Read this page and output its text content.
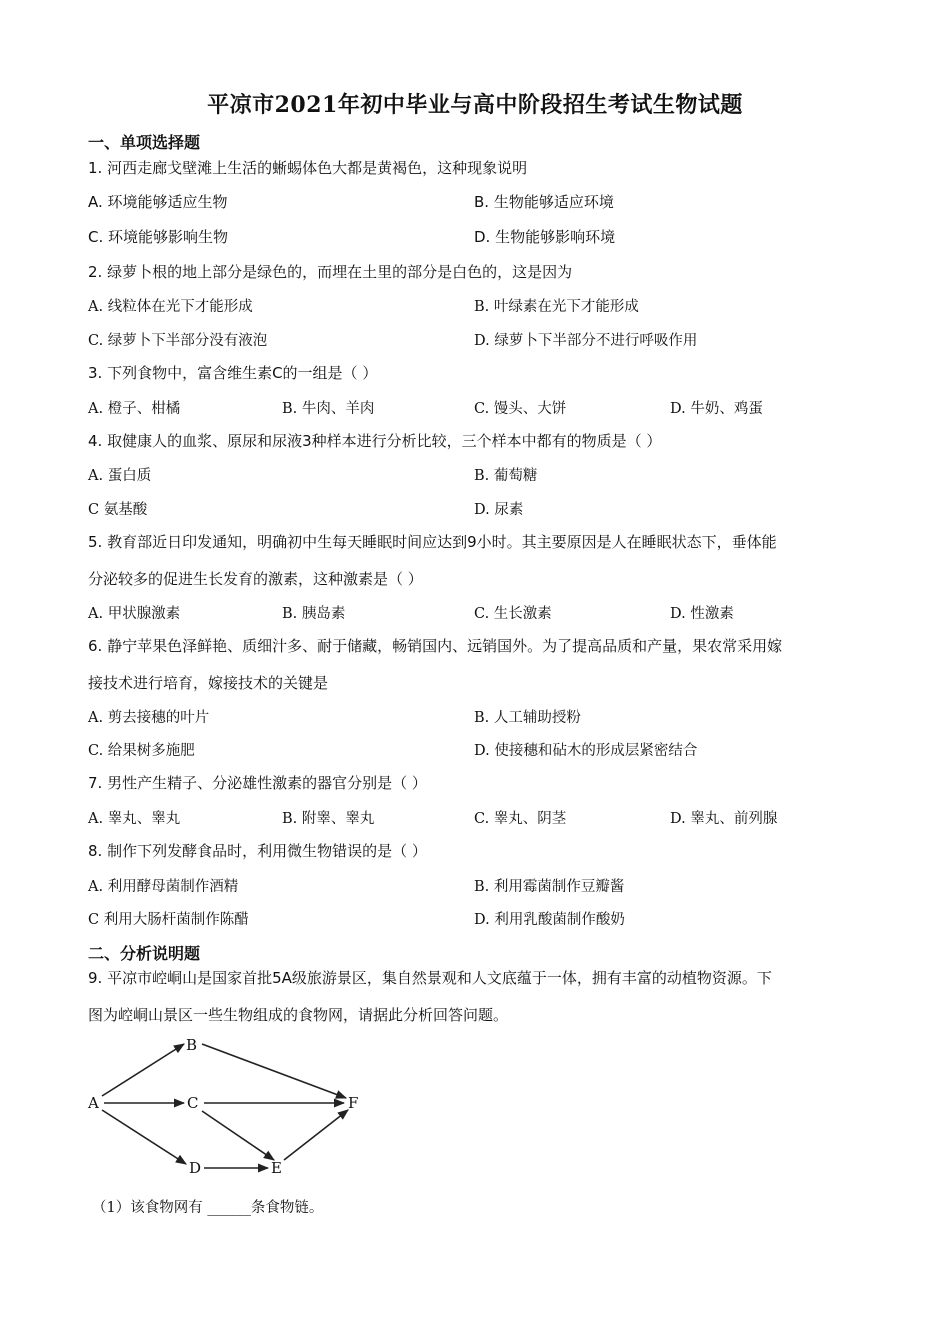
平凉市2021年初中毕业与高中阶段招生考试生物试题
一、单项选择题
1. 河西走廊戈壁滩上生活的蜥蜴体色大都是黄褐色，这种现象说明
A. 环境能够适应生物	B. 生物能够适应环境
C. 环境能够影响生物	D. 生物能够影响环境
2. 绿萝卜根的地上部分是绿色的，而埋在土里的部分是白色的，这是因为
A. 线粒体在光下才能形成	B. 叶绿素在光下才能形成
C. 绿萝卜下半部分没有液泡	D. 绿萝卜下半部分不进行呼吸作用
3. 下列食物中，富含维生素C的一组是（ ）
A. 橙子、柑橘	B. 牛肉、羊肉	C. 馒头、大饼	D. 牛奶、鸡蛋
4. 取健康人的血浆、原尿和尿液3种样本进行分析比较，三个样本中都有的物质是（ ）
A. 蛋白质	B. 葡萄糖
C 氨基酸	D. 尿素
5. 教育部近日印发通知，明确初中生每天睡眠时间应达到9小时。其主要原因是人在睡眠状态下，垂体能
分泌较多的促进生长发育的激素，这种激素是（ ）
A. 甲状腺激素	B. 胰岛素	C. 生长激素	D. 性激素
6. 静宁苹果色泽鲜艳、质细汁多、耐于储藏，畅销国内、远销国外。为了提高品质和产量，果农常采用嫁
接技术进行培育，嫁接技术的关键是
A. 剪去接穗的叶片	B. 人工辅助授粉
C. 给果树多施肥	D. 使接穗和砧木的形成层紧密结合
7. 男性产生精子、分泌雄性激素的器官分别是（ ）
A. 睾丸、睾丸	B. 附睾、睾丸	C. 睾丸、阴茎	D. 睾丸、前列腺
8. 制作下列发酵食品时，利用微生物错误的是（ ）
A. 利用酵母菌制作酒精	B. 利用霉菌制作豆瓣酱
C 利用大肠杆菌制作陈醋	D. 利用乳酸菌制作酸奶
二、分析说明题
9. 平凉市崆峒山是国家首批5A级旅游景区，集自然景观和人文底蕴于一体，拥有丰富的动植物资源。下
图为崆峒山景区一些生物组成的食物网，请据此分析回答问题。
A
B
C
D	E
F
（1）该食物网有 ______条食物链。
